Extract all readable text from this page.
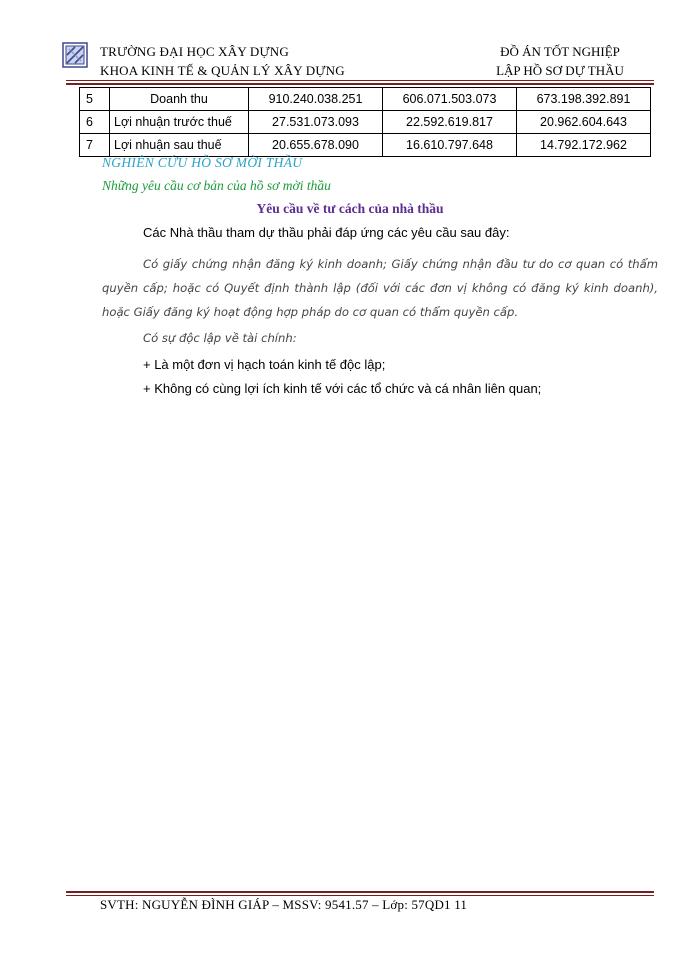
TRƯỜNG ĐẠI HỌC XÂY DỰNG
KHOA KINH TẾ & QUẢN LÝ XÂY DỰNG
ĐỒ ÁN TỐT NGHIỆP
LẬP HỒ SƠ DỰ THẦU
5	Doanh thu	910.240.038.251	606.071.503.073	673.198.392.891
6	Lợi nhuận trước thuế	27.531.073.093	22.592.619.817	20.962.604.643
7	Lợi nhuận sau thuế	20.655.678.090	16.610.797.648	14.792.172.962
NGHIÊN CỨU HỒ SƠ MỜI THẦU
Những yêu cầu cơ bản của hồ sơ mời thầu
Yêu cầu về tư cách của nhà thầu
Các Nhà thầu tham dự thầu phải đáp ứng các yêu cầu sau đây:
Có giấy chứng nhận đăng ký kinh doanh; Giấy chứng nhận đầu tư do cơ quan có thẩm quyền cấp; hoặc có Quyết định thành lập (đối với các đơn vị không có đăng ký kinh doanh), hoặc Giấy đăng ký hoạt động hợp pháp do cơ quan có thẩm quyền cấp.
Có sự độc lập về tài chính:
+ Là một đơn vị hạch toán kinh tế độc lập;
+ Không có cùng lợi ích kinh tế với các tổ chức và cá nhân liên quan;
SVTH: NGUYỄN ĐÌNH GIÁP – MSSV: 9541.57 – Lớp: 57QD1 11
